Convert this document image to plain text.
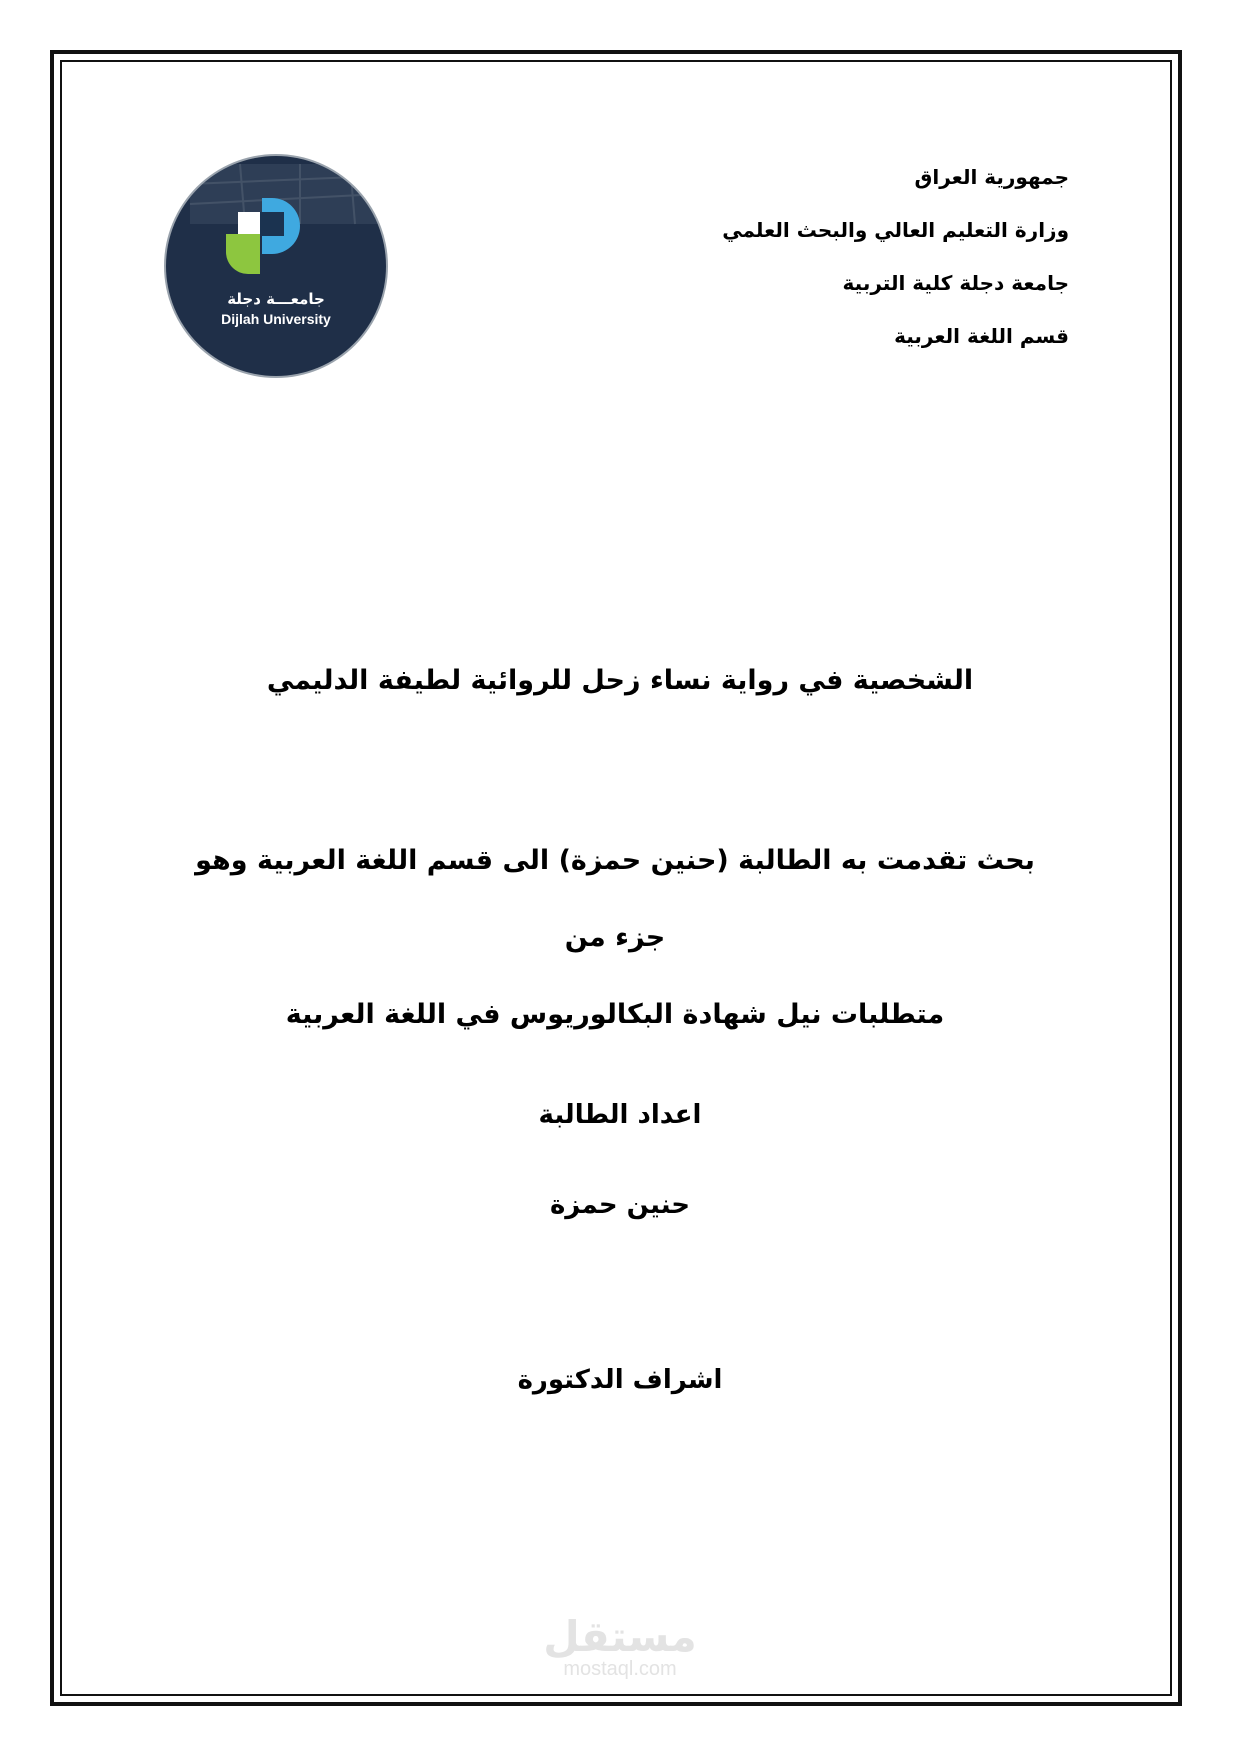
جمهورية العراق
وزارة التعليم العالي والبحث العلمي
جامعة دجلة كلية التربية
قسم اللغة العربية
جامعـــة دجلة
Dijlah University
الشخصية في رواية نساء زحل للروائية لطيفة الدليمي
بحث تقدمت به الطالبة (حنين حمزة) الى قسم اللغة العربية وهو جزء من
متطلبات نيل شهادة البكالوريوس في اللغة العربية
اعداد الطالبة
حنين حمزة
اشراف الدكتورة
مستقل
mostaql.com
